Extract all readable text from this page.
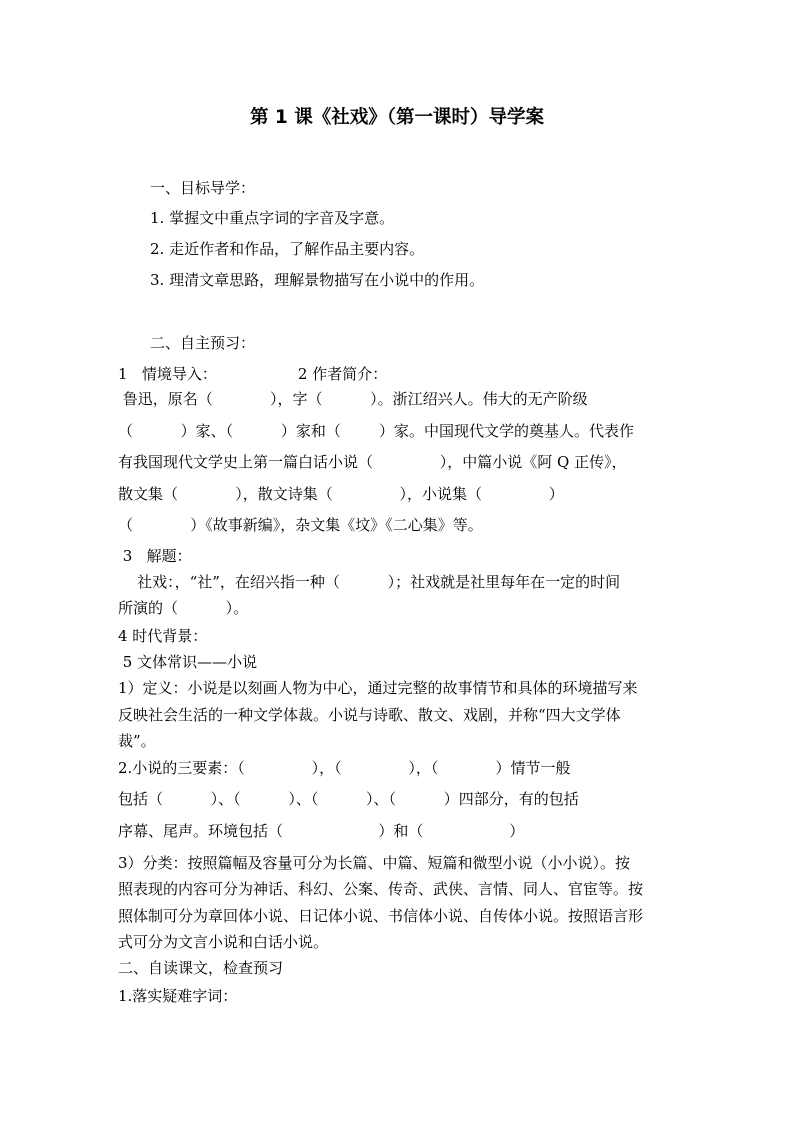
第 1 课《社戏》（第一课时）导学案
一、目标导学：
1. 掌握文中重点字词的字音及字意。
2. 走近作者和作品，了解作品主要内容。
3. 理清文章思路，理解景物描写在小说中的作用。
二、自主预习：
1   情境导入：                 2 作者简介：
鲁迅，原名（            ），字（          ）。浙江绍兴人。伟大的无产阶级
（          ）家、（          ）家和（        ）家。中国现代文学的奠基人。代表作
有我国现代文学史上第一篇白话小说（              ），中篇小说《阿 Q 正传》，
散文集（            ），散文诗集（              ），小说集（              ）
（            ）《故事新编》，杂文集《坟》《二心集》等。
3   解题：
社戏：，“社”，在绍兴指一种（          ）；社戏就是社里每年在一定的时间
所演的（          ）。
4 时代背景：
5 文体常识——小说
1）定义：小说是以刻画人物为中心，通过完整的故事情节和具体的环境描写来
反映社会生活的一种文学体裁。小说与诗歌、散文、戏剧，并称“四大文学体
裁”。
2.小说的三要素：（              ），（              ），（            ）情节一般
包括（          ）、（          ）、（          ）、（          ）四部分，有的包括
序幕、尾声。环境包括（                    ）和（                  ）
3）分类：按照篇幅及容量可分为长篇、中篇、短篇和微型小说（小小说）。按
照表现的内容可分为神话、科幻、公案、传奇、武侠、言情、同人、官宦等。按
照体制可分为章回体小说、日记体小说、书信体小说、自传体小说。按照语言形
式可分为文言小说和白话小说。
二、自读课文，检查预习
1.落实疑难字词：
